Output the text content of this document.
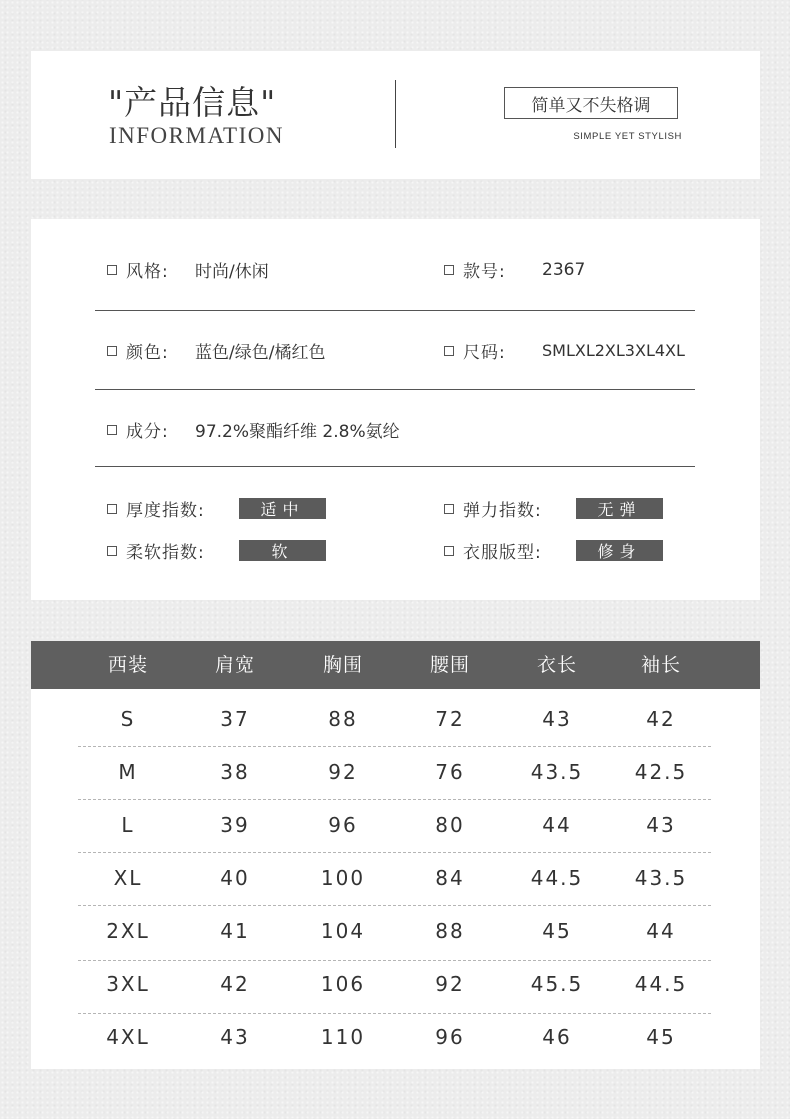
"产品信息"
INFORMATION
简单又不失格调
SIMPLE YET STYLISH
风格: 时尚/休闲	款号: 2367
颜色: 蓝色/绿色/橘红色	尺码: SMLXL2XL3XL4XL
成分: 97.2%聚酯纤维 2.8%氨纶
厚度指数:	适中	弹力指数:	无弹
柔软指数:	软	衣服版型:	修身
西装	肩宽	胸围	腰围	衣长	袖长
S	37	88	72	43	42
M	38	92	76	43.5	42.5
L	39	96	80	44	43
XL	40	100	84	44.5	43.5
2XL	41	104	88	45	44
3XL	42	106	92	45.5	44.5
4XL	43	110	96	46	45
